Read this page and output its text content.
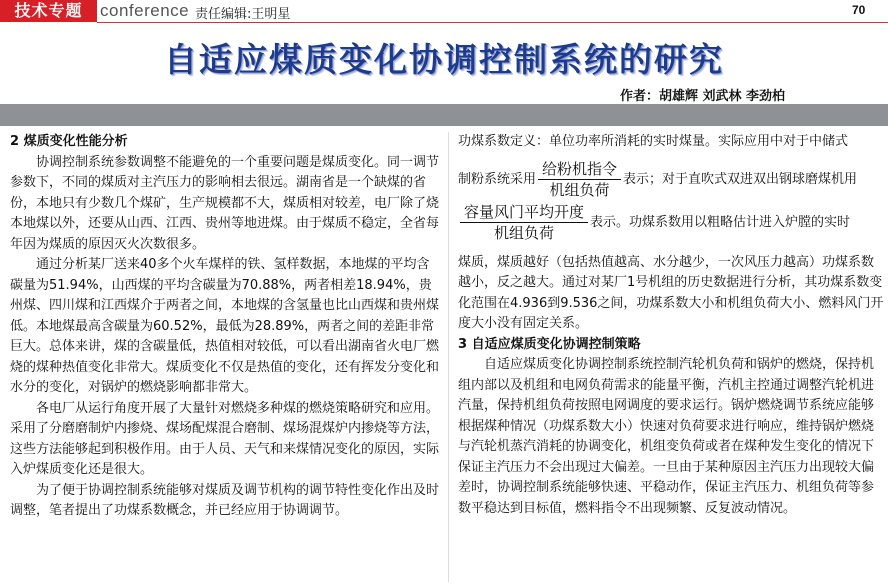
技术专题	conference 责任编辑:王明星	70
自适应煤质变化协调控制系统的研究
作者：胡雄辉 刘武林 李劲柏
2 煤质变化性能分析

协调控制系统参数调整不能避免的一个重要问题是煤质变化。同一调节参数下，不同的煤质对主汽压力的影响相去很远。湖南省是一个缺煤的省份，本地只有少数几个煤矿，生产规模都不大，煤质相对较差，电厂除了烧本地煤以外，还要从山西、江西、贵州等地进煤。由于煤质不稳定，全省每年因为煤质的原因灭火次数很多。

通过分析某厂送来40多个火车煤样的铁、氢样数据，本地煤的平均含碳量为51.94%，山西煤的平均含碳量为70.88%，两者相差18.94%，贵州煤、四川煤和江西煤介于两者之间，本地煤的含氢量也比山西煤和贵州煤低。本地煤最高含碳量为60.52%，最低为28.89%，两者之间的差距非常巨大。总体来讲，煤的含碳量低，热值相对较低，可以看出湖南省火电厂燃烧的煤种热值变化非常大。煤质变化不仅是热值的变化，还有挥发分变化和水分的变化，对锅炉的燃烧影响都非常大。

各电厂从运行角度开展了大量针对燃烧多种煤的燃烧策略研究和应用。采用了分磨磨制炉内掺烧、煤场配煤混合磨制、煤场混煤炉内掺烧等方法，这些方法能够起到积极作用。由于人员、天气和来煤情况变化的原因，实际入炉煤质变化还是很大。

为了便于协调控制系统能够对煤质及调节机构的调节特性变化作出及时调整，笔者提出了功煤系数概念，并已经应用于协调调节。

功煤系数定义：单位功率所消耗的实时煤量。实际应用中对于中储式

制粉系统采用 $\frac{\text{给粉机指令}}{\text{机组负荷}}$ 表示；对于直吹式双进双出钢球磨煤机用

$\frac{\text{容量风门平均开度}}{\text{机组负荷}}$ 表示。功煤系数用以粗略估计进入炉膛的实时

煤质，煤质越好（包括热值越高、水分越少，一次风压力越高）功煤系数越小，反之越大。通过对某厂1号机组的历史数据进行分析，其功煤系数变化范围在4.936到9.536之间，功煤系数大小和机组负荷大小、燃料风门开度大小没有固定关系。

3 自适应煤质变化协调控制策略

自适应煤质变化协调控制系统控制汽轮机负荷和锅炉的燃烧，保持机组内部以及机组和电网负荷需求的能量平衡，汽机主控通过调整汽轮机进汽量，保持机组负荷按照电网调度的要求运行。锅炉燃烧调节系统应能够根据煤种情况（功煤系数大小）快速对负荷要求进行响应，维持锅炉燃烧与汽轮机蒸汽消耗的协调变化，机组变负荷或者在煤种发生变化的情况下保证主汽压力不会出现过大偏差。一旦由于某种原因主汽压力出现较大偏差时，协调控制系统能够快速、平稳动作，保证主汽压力、机组负荷等参数平稳达到目标值，燃料指令不出现频繁、反复波动情况。
